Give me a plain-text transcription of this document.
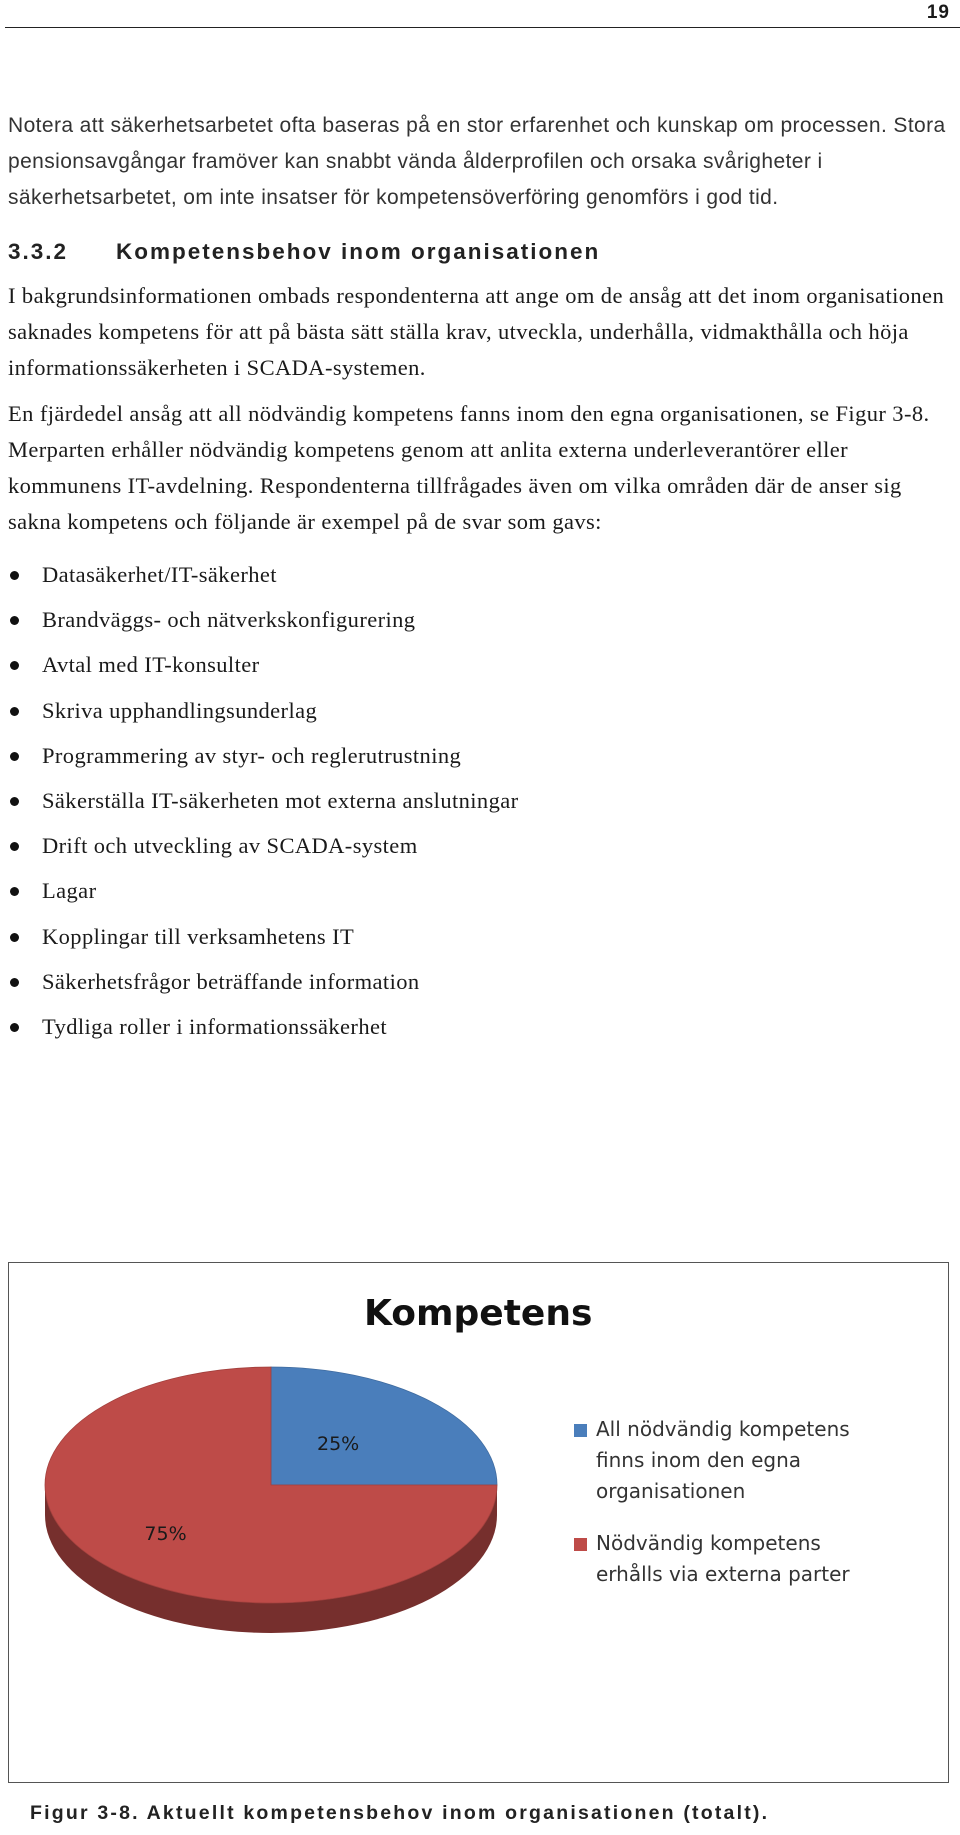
19

Notera att säkerhetsarbetet ofta baseras på en stor erfarenhet och kunskap om processen. Stora pensionsavgångar framöver kan snabbt vända ålderprofilen och orsaka svårigheter i säkerhetsarbetet, om inte insatser för kompetensöverföring genomförs i god tid.

3.3.2 Kompetensbehov inom organisationen

I bakgrundsinformationen ombads respondenterna att ange om de ansåg att det inom organisationen saknades kompetens för att på bästa sätt ställa krav, utveckla, underhålla, vidmakthålla och höja informationssäkerheten i SCADA-systemen.

En fjärdedel ansåg att all nödvändig kompetens fanns inom den egna organisationen, se Figur 3-8. Merparten erhåller nödvändig kompetens genom att anlita externa underleverantörer eller kommunens IT-avdelning. Respondenterna tillfrågades även om vilka områden där de anser sig sakna kompetens och följande är exempel på de svar som gavs:

Datasäkerhet/IT-säkerhet
Brandväggs- och nätverkskonfigurering
Avtal med IT-konsulter
Skriva upphandlingsunderlag
Programmering av styr- och reglerutrustning
Säkerställa IT-säkerheten mot externa anslutningar
Drift och utveckling av SCADA-system
Lagar
Kopplingar till verksamhetens IT
Säkerhetsfrågor beträffande information
Tydliga roller i informationssäkerhet
Kompetens
25%
75%
All nödvändig kompetens
finns inom den egna
organisationen
Nödvändig kompetens
erhålls via externa parter
Figur 3-8. Aktuellt kompetensbehov inom organisationen (totalt).
